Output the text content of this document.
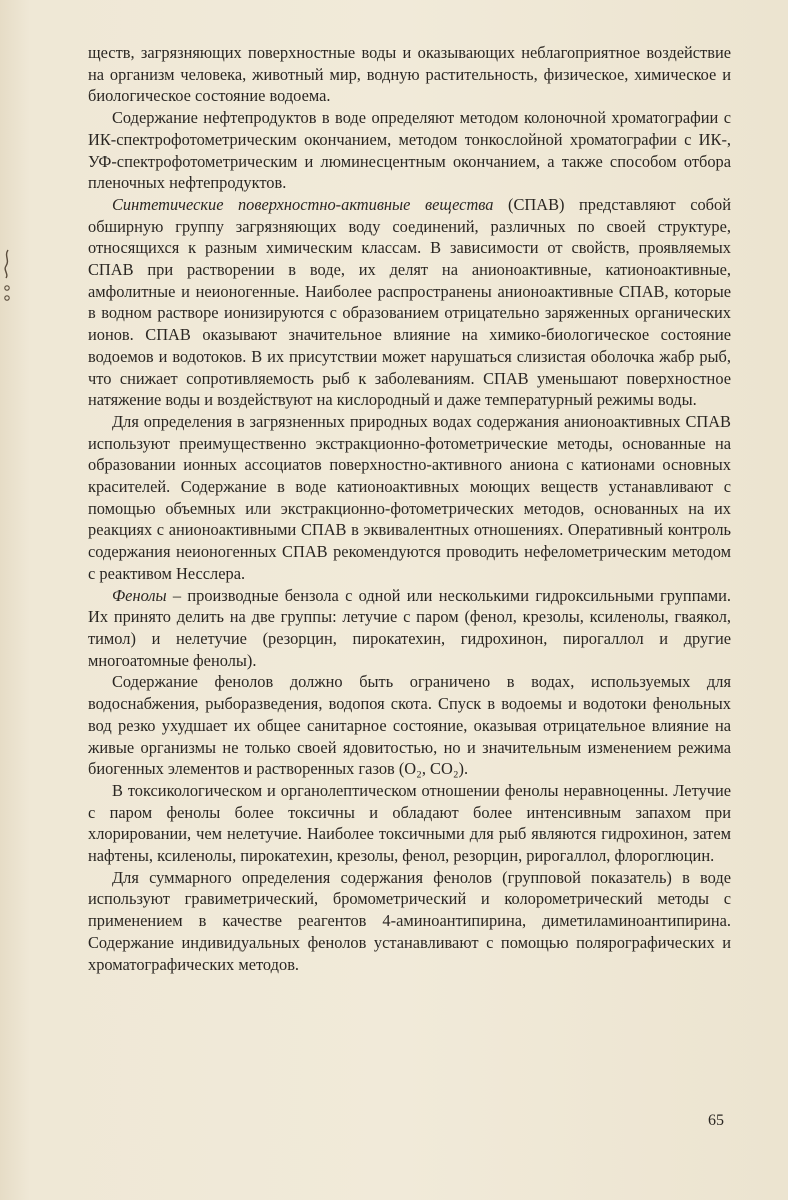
ществ, загрязняющих поверхностные воды и оказывающих неблагоприятное воздействие на организм человека, животный мир, водную растительность, физическое, химическое и биологическое состояние водоема.

Содержание нефтепродуктов в воде определяют методом колоночной хроматографии с ИК-спектрофотометрическим окончанием, методом тонкослойной хроматографии с ИК-, УФ-спектрофотометрическим и люминесцентным окончанием, а также способом отбора пленочных нефтепродуктов.

Синтетические поверхностно-активные вещества (СПАВ) представляют собой обширную группу загрязняющих воду соединений, различных по своей структуре, относящихся к разным химическим классам. В зависимости от свойств, проявляемых СПАВ при растворении в воде, их делят на анионоактивные, катионоактивные, амфолитные и неионогенные. Наиболее распространены анионоактивные СПАВ, которые в водном растворе ионизируются с образованием отрицательно заряженных органических ионов. СПАВ оказывают значительное влияние на химико-биологическое состояние водоемов и водотоков. В их присутствии может нарушаться слизистая оболочка жабр рыб, что снижает сопротивляемость рыб к заболеваниям. СПАВ уменьшают поверхностное натяжение воды и воздействуют на кислородный и даже температурный режимы воды.

Для определения в загрязненных природных водах содержания анионоактивных СПАВ используют преимущественно экстракционно-фотометрические методы, основанные на образовании ионных ассоциатов поверхностно-активного аниона с катионами основных красителей. Содержание в воде катионоактивных моющих веществ устанавливают с помощью объемных или экстракционно-фотометрических методов, основанных на их реакциях с анионоактивными СПАВ в эквивалентных отношениях. Оперативный контроль содержания неионогенных СПАВ рекомендуются проводить нефелометрическим методом с реактивом Несслера.

Фенолы – производные бензола с одной или несколькими гидроксильными группами. Их принято делить на две группы: летучие с паром (фенол, крезолы, ксиленолы, гваякол, тимол) и нелетучие (резорцин, пирокатехин, гидрохинон, пирогаллол и другие многоатомные фенолы).

Содержание фенолов должно быть ограничено в водах, используемых для водоснабжения, рыборазведения, водопоя скота. Спуск в водоемы и водотоки фенольных вод резко ухудшает их общее санитарное состояние, оказывая отрицательное влияние на живые организмы не только своей ядовитостью, но и значительным изменением режима биогенных элементов и растворенных газов (O₂, CO₂).

В токсикологическом и органолептическом отношении фенолы неравноценны. Летучие с паром фенолы более токсичны и обладают более интенсивным запахом при хлорировании, чем нелетучие. Наиболее токсичными для рыб являются гидрохинон, затем нафтены, ксиленолы, пирокатехин, крезолы, фенол, резорцин, рирогаллол, флороглюцин.

Для суммарного определения содержания фенолов (групповой показатель) в воде используют гравиметрический, бромометрический и колорометрический методы с применением в качестве реагентов 4-аминоантипирина, диметиламиноантипирина. Содержание индивидуальных фенолов устанавливают с помощью полярографических и хроматографических методов.

65
